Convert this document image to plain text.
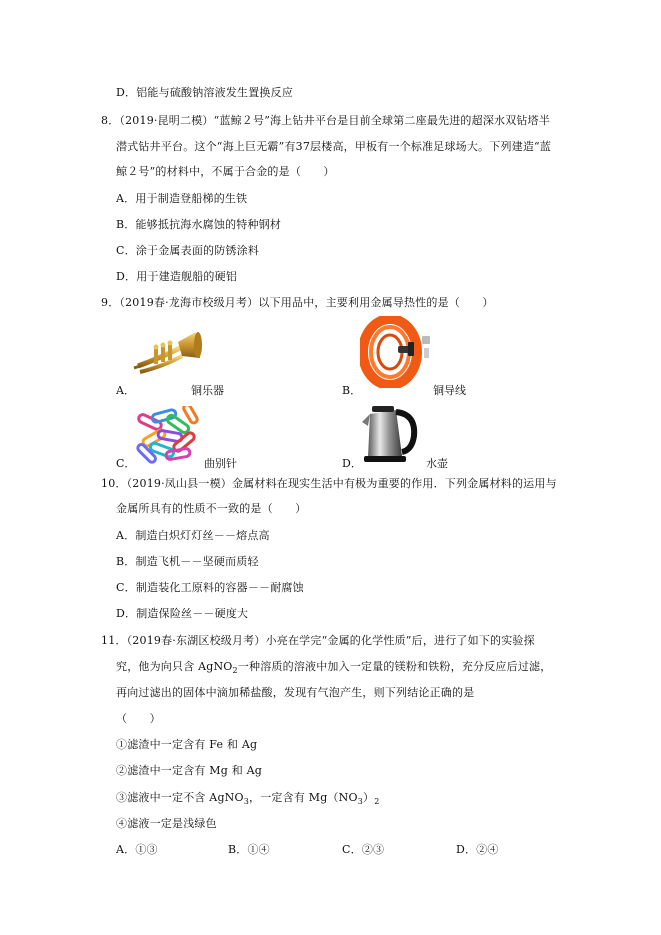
D．铝能与硫酸钠溶液发生置换反应
8．（2019·昆明二模）“蓝鲸２号”海上钻井平台是目前全球第二座最先进的超深水双钻塔半
潜式钻井平台。这个“海上巨无霸”有37层楼高，甲板有一个标准足球场大。下列建造“蓝
鲸２号”的材料中，不属于合金的是（　　）
A．用于制造登船梯的生铁
B．能够抵抗海水腐蚀的特种钢材
C．涂于金属表面的防锈涂料
D．用于建造舰船的硬铝
9．（2019春·龙海市校级月考）以下用品中，主要利用金属导热性的是（　　）
A．	铜乐器	B．	铜导线
C．	曲别针	D．	水壶
10．（2019·凤山县一模）金属材料在现实生活中有极为重要的作用．下列金属材料的运用与
金属所具有的性质不一致的是（　　）
A．制造白炽灯灯丝－－熔点高
B．制造飞机－－坚硬而质轻
C．制造装化工原料的容器－－耐腐蚀
D．制造保险丝－－硬度大
11．（2019春·东湖区校级月考）小亮在学完“金属的化学性质”后，进行了如下的实验探
究，他为向只含 AgNO$_2$一种溶质的溶液中加入一定量的镁粉和铁粉，充分反应后过滤，
再向过滤出的固体中滴加稀盐酸，发现有气泡产生，则下列结论正确的是
（　　）
①滤渣中一定含有 Fe 和 Ag
②滤渣中一定含有 Mg 和 Ag
③滤液中一定不含 AgNO$_3$，一定含有 $Mg(NO_3)_2$
④滤液一定是浅绿色
A．①③	B．①④	C．②③	D．②④
